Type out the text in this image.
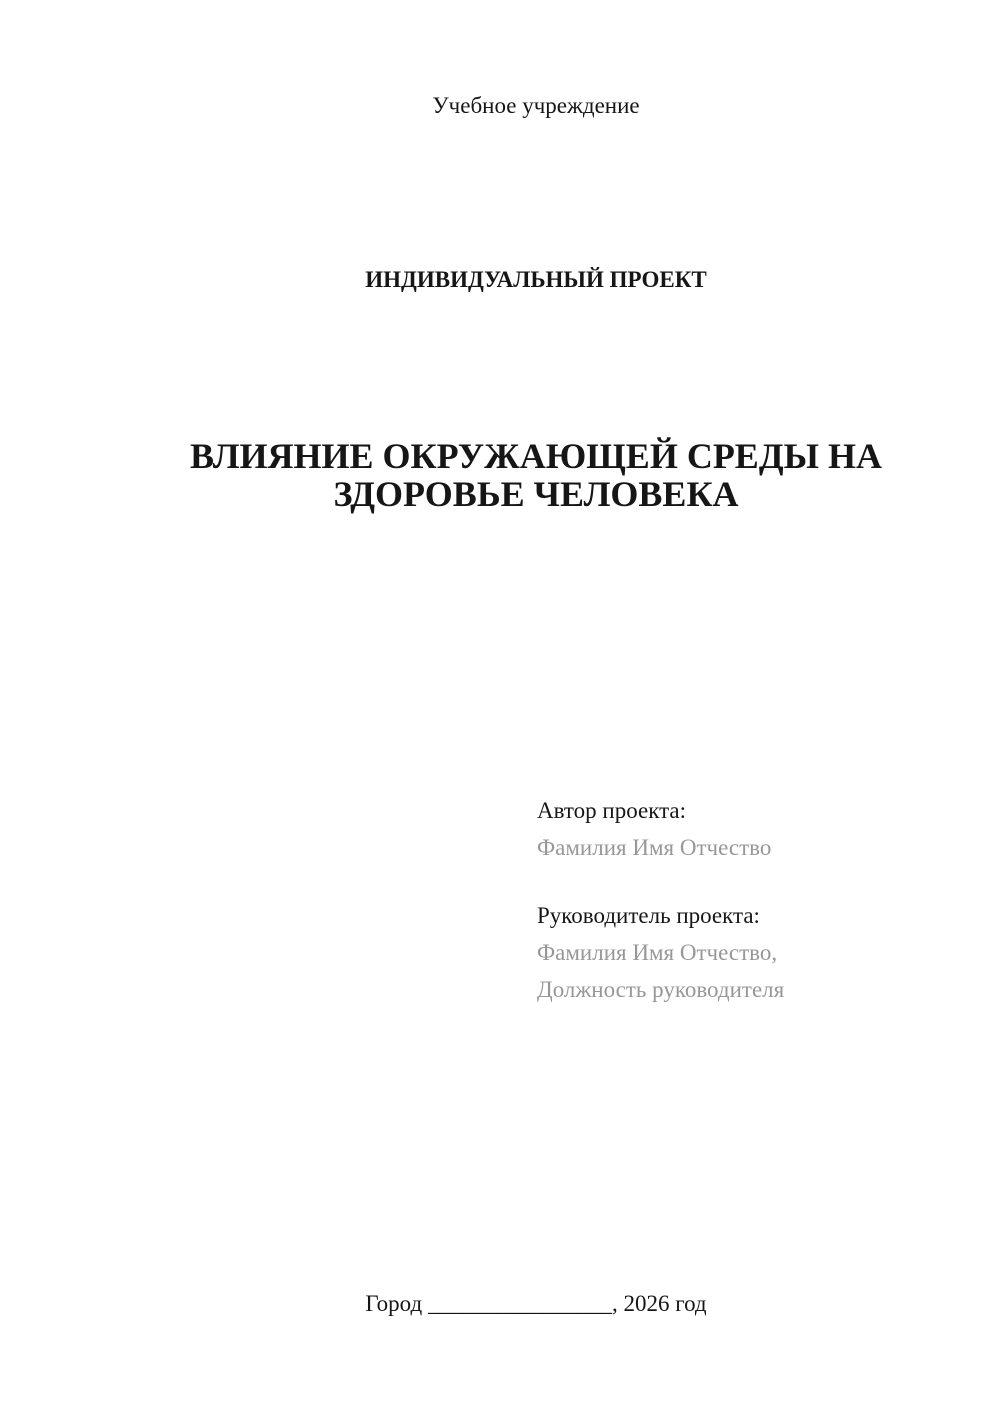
Учебное учреждение
ИНДИВИДУАЛЬНЫЙ ПРОЕКТ
ВЛИЯНИЕ ОКРУЖАЮЩЕЙ СРЕДЫ НА ЗДОРОВЬЕ ЧЕЛОВЕКА
Автор проекта:
Фамилия Имя Отчество
Руководитель проекта:
Фамилия Имя Отчество,
Должность руководителя
Город ________________, 2026 год
